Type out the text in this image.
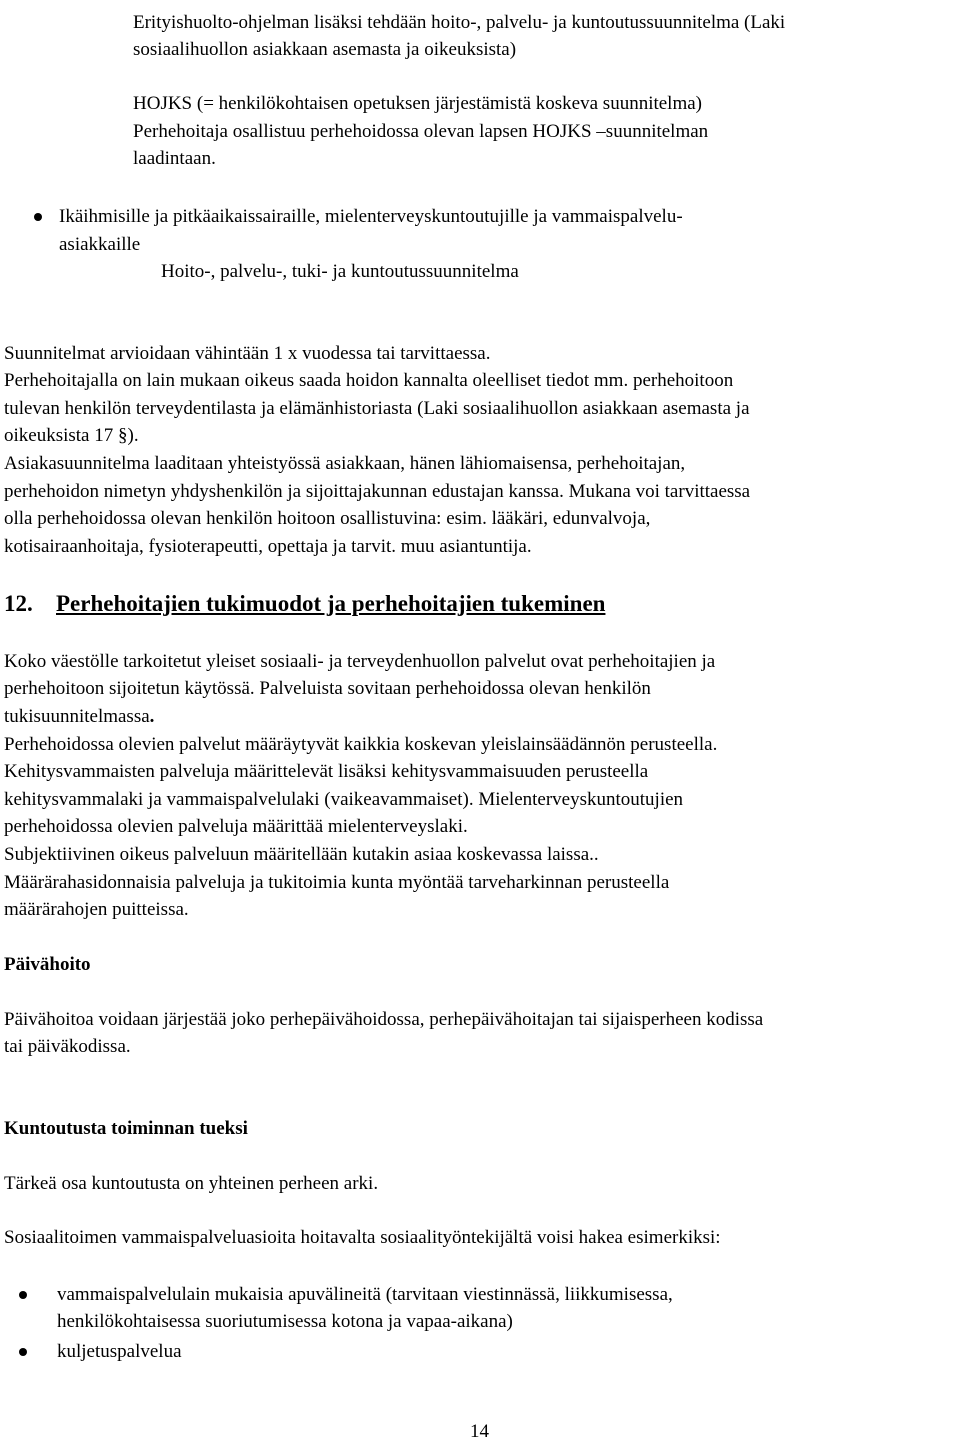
Erityishuolto-ohjelman lisäksi tehdään hoito-, palvelu- ja kuntoutussuunnitelma (Laki

sosiaalihuollon asiakkaan asemasta ja oikeuksista)

HOJKS (= henkilökohtaisen opetuksen järjestämistä koskeva suunnitelma)

Perhehoitaja osallistuu perhehoidossa olevan lapsen HOJKS –suunnitelman

laadintaan.

Ikäihmisille ja pitkäaikaissairaille, mielenterveyskuntoutujille ja vammaispalvelu-

asiakkaille

Hoito-, palvelu-, tuki- ja kuntoutussuunnitelma

Suunnitelmat arvioidaan vähintään 1 x vuodessa tai tarvittaessa.

Perhehoitajalla on lain mukaan oikeus saada hoidon kannalta oleelliset tiedot mm. perhehoitoon

tulevan henkilön terveydentilasta ja elämänhistoriasta (Laki sosiaalihuollon asiakkaan asemasta ja

oikeuksista 17 §).

Asiakasuunnitelma laaditaan yhteistyössä asiakkaan, hänen lähiomaisensa, perhehoitajan,

perhehoidon nimetyn yhdyshenkilön ja sijoittajakunnan edustajan kanssa. Mukana voi tarvittaessa

olla perhehoidossa olevan henkilön hoitoon osallistuvina: esim. lääkäri, edunvalvoja,

kotisairaanhoitaja, fysioterapeutti, opettaja ja tarvit. muu asiantuntija.

12. Perhehoitajien tukimuodot ja perhehoitajien tukeminen

Koko väestölle tarkoitetut yleiset sosiaali- ja terveydenhuollon palvelut ovat perhehoitajien ja

perhehoitoon sijoitetun käytössä. Palveluista sovitaan perhehoidossa olevan henkilön

tukisuunnitelmassa.

Perhehoidossa olevien palvelut määräytyvät kaikkia koskevan yleislainsäädännön perusteella.

Kehitysvammaisten palveluja määrittelevät lisäksi kehitysvammaisuuden perusteella

kehitysvammalaki ja vammaispalvelulaki (vaikeavammaiset). Mielenterveyskuntoutujien

perhehoidossa olevien palveluja määrittää mielenterveyslaki.

Subjektiivinen oikeus palveluun määritellään kutakin asiaa koskevassa laissa..

Määrärahasidonnaisia palveluja ja tukitoimia kunta myöntää tarveharkinnan perusteella

määrärahojen puitteissa.

Päivähoito

Päivähoitoa voidaan järjestää joko perhepäivähoidossa, perhepäivähoitajan tai sijaisperheen kodissa

tai päiväkodissa.

Kuntoutusta toiminnan tueksi

Tärkeä osa kuntoutusta on yhteinen perheen arki.

Sosiaalitoimen vammaispalveluasioita hoitavalta sosiaalityöntekijältä voisi hakea esimerkiksi:

vammaispalvelulain mukaisia apuvälineitä (tarvitaan viestinnässä, liikkumisessa,

henkilökohtaisessa suoriutumisessa kotona ja vapaa-aikana)

kuljetuspalvelua

14
